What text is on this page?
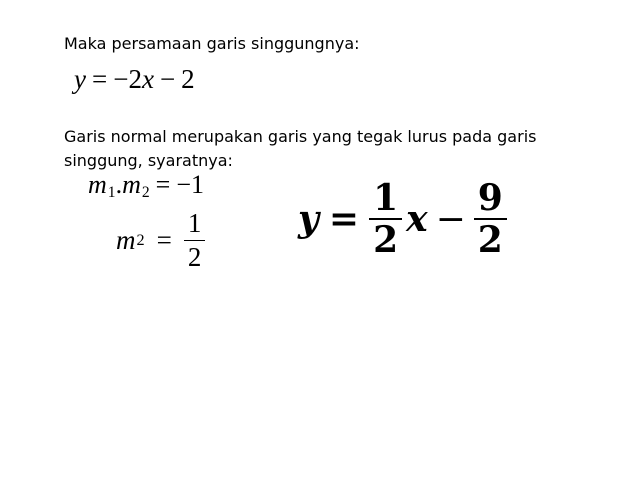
Maka persamaan garis singgungnya:
y = −2x − 2
Garis normal merupakan garis yang tegak lurus pada garis
singgung, syaratnya:
$m_1.m_2 = -1$
m $2 = \frac{1}{2}$	$y = \frac{1}{2}$ $x - \frac{9}{2}$
